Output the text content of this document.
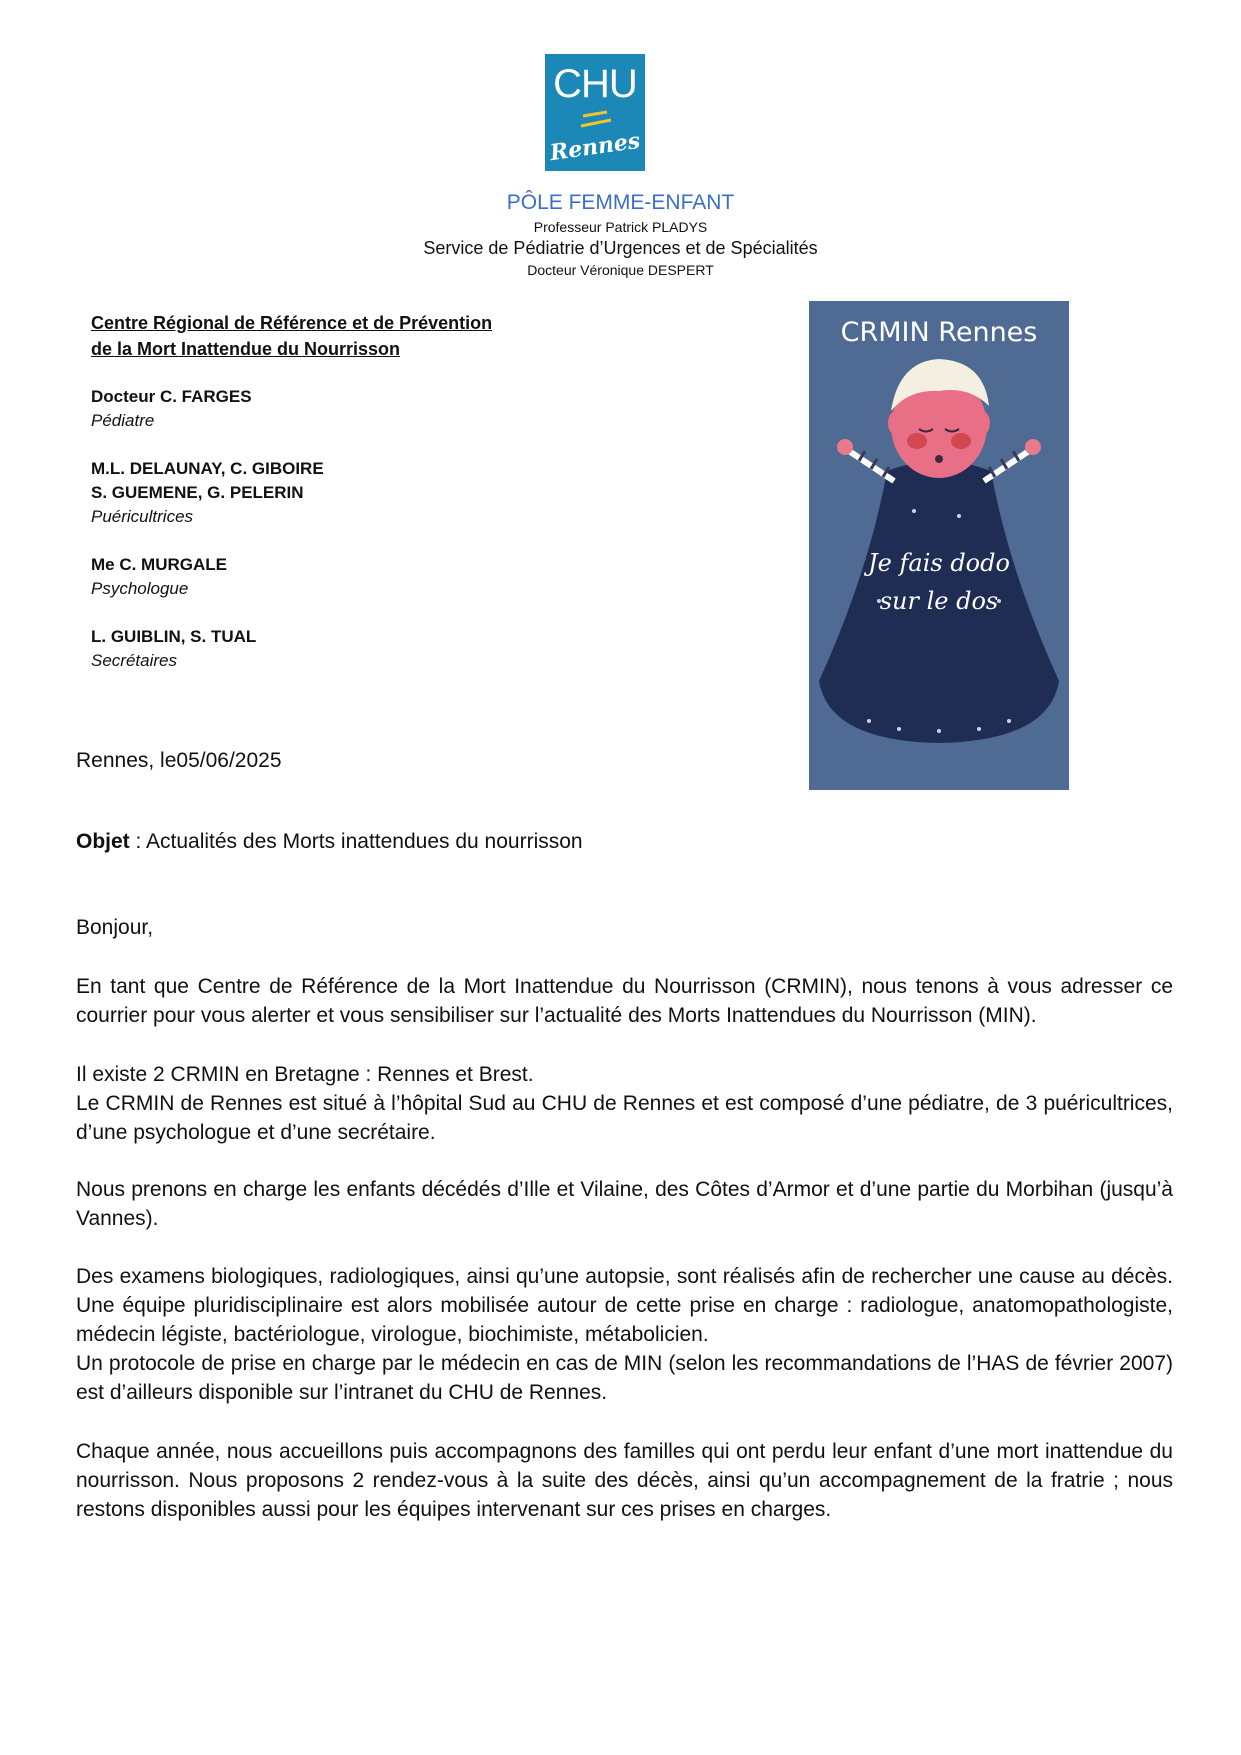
CHU
Rennes
PÔLE FEMME-ENFANT
Professeur Patrick PLADYS
Service de Pédiatrie d’Urgences et de Spécialités
Docteur Véronique DESPERT
Centre Régional de Référence et de Prévention
de la Mort Inattendue du Nourrisson
Docteur C. FARGES
Pédiatre
M.L. DELAUNAY, C. GIBOIRE
S. GUEMENE, G. PELERIN
Puéricultrices
Me C. MURGALE
Psychologue
L. GUIBLIN, S. TUAL
Secrétaires
CRMIN Rennes
Je fais dodo
sur le dos
Rennes, le05/06/2025
Objet : Actualités des Morts inattendues du nourrisson
Bonjour,
En tant que Centre de Référence de la Mort Inattendue du Nourrisson (CRMIN), nous tenons à vous adresser ce courrier pour vous alerter et vous sensibiliser sur l’actualité des Morts Inattendues du Nourrisson (MIN).
Il existe 2 CRMIN en Bretagne : Rennes et Brest.
Le CRMIN de Rennes est situé à l’hôpital Sud au CHU de Rennes et est composé d’une pédiatre, de 3 puéricultrices, d’une psychologue et d’une secrétaire.
Nous prenons en charge les enfants décédés d’Ille et Vilaine, des Côtes d’Armor et d’une partie du Morbihan (jusqu’à Vannes).
Des examens biologiques, radiologiques, ainsi qu’une autopsie, sont réalisés afin de rechercher une cause au décès. Une équipe pluridisciplinaire est alors mobilisée autour de cette prise en charge : radiologue, anatomopathologiste, médecin légiste, bactériologue, virologue, biochimiste, métabolicien.
Un protocole de prise en charge par le médecin en cas de MIN (selon les recommandations de l’HAS de février 2007) est d’ailleurs disponible sur l’intranet du CHU de Rennes.
Chaque année, nous accueillons puis accompagnons des familles qui ont perdu leur enfant d’une mort inattendue du nourrisson. Nous proposons 2 rendez-vous à la suite des décès, ainsi qu’un accompagnement de la fratrie ; nous restons disponibles aussi pour les équipes intervenant sur ces prises en charges.
